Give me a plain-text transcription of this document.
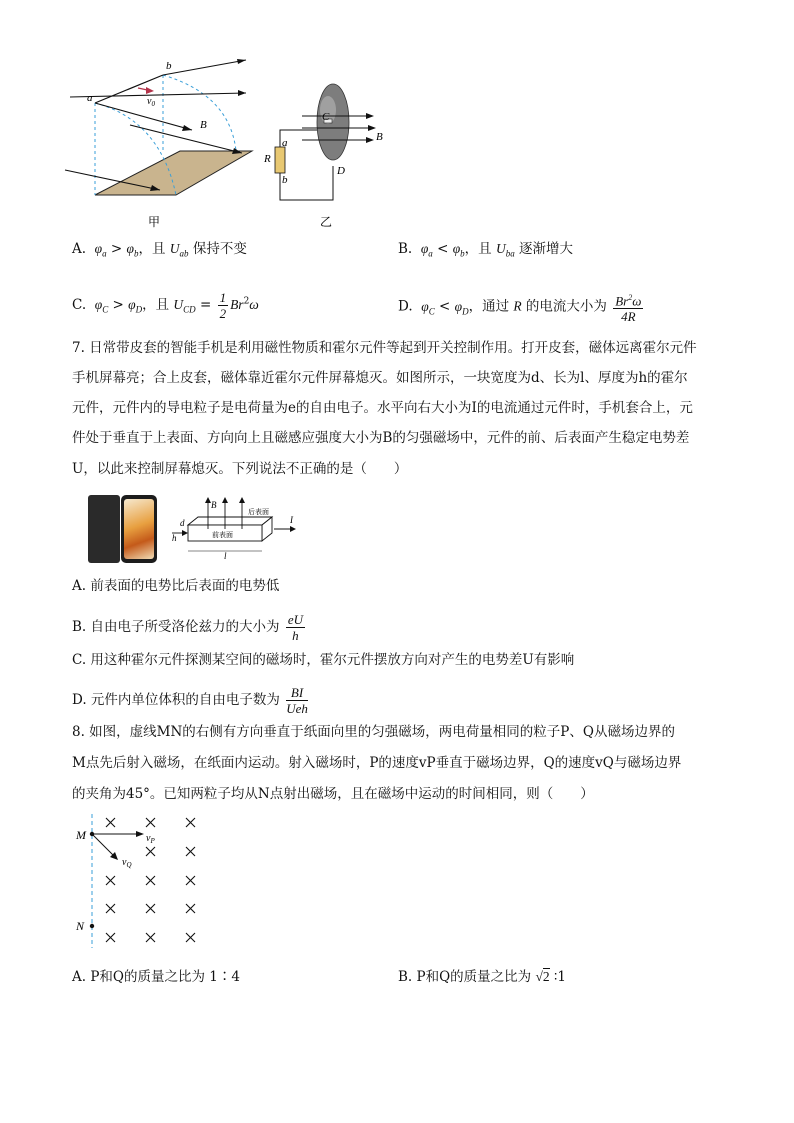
a
b
$v_0$
B
甲
C
D
R
a
b
B
乙
A. $\varphi_a > \varphi_b$，且 $U_{ab}$ 保持不变	B. $\varphi_a < \varphi_b$，且 $U_{ba}$ 逐渐增大
C. $\varphi_C > \varphi_D$，且 $U_{CD} = \frac{1}{2} Br^2\omega$	D. $\varphi_C < \varphi_D$，通过 R 的电流大小为 $\frac{Br^2\omega}{4R}$
7. 日常带皮套的智能手机是利用磁性物质和霍尔元件等起到开关控制作用。打开皮套，磁体远离霍尔元件
手机屏幕亮；合上皮套，磁体靠近霍尔元件屏幕熄灭。如图所示，一块宽度为d、长为l、厚度为h的霍尔
元件，元件内的导电粒子是电荷量为e的自由电子。水平向右大小为I的电流通过元件时，手机套合上，元
件处于垂直于上表面、方向向上且磁感应强度大小为B的匀强磁场中，元件的前、后表面产生稳定电势差
U，以此来控制屏幕熄灭。下列说法不正确的是（　　）
B
后表面
前表面
d
h
l
I
A. 前表面的电势比后表面的电势低
B. 自由电子所受洛伦兹力的大小为 $\frac{eU}{h}$
C. 用这种霍尔元件探测某空间的磁场时，霍尔元件摆放方向对产生的电势差U有影响
D. 元件内单位体积的自由电子数为 $\frac{BI}{\text{Ueh}}$
8. 如图，虚线MN的右侧有方向垂直于纸面向里的匀强磁场，两电荷量相同的粒子P、Q从磁场边界的
M点先后射入磁场，在纸面内运动。射入磁场时，P的速度vP垂直于磁场边界，Q的速度vQ与磁场边界
的夹角为45°。已知两粒子均从N点射出磁场，且在磁场中运动的时间相同，则（　　）
M
N
$v_P$
$v_Q$
A. P和Q的质量之比为 1∶4	B. P和Q的质量之比为 √2 ∶1
